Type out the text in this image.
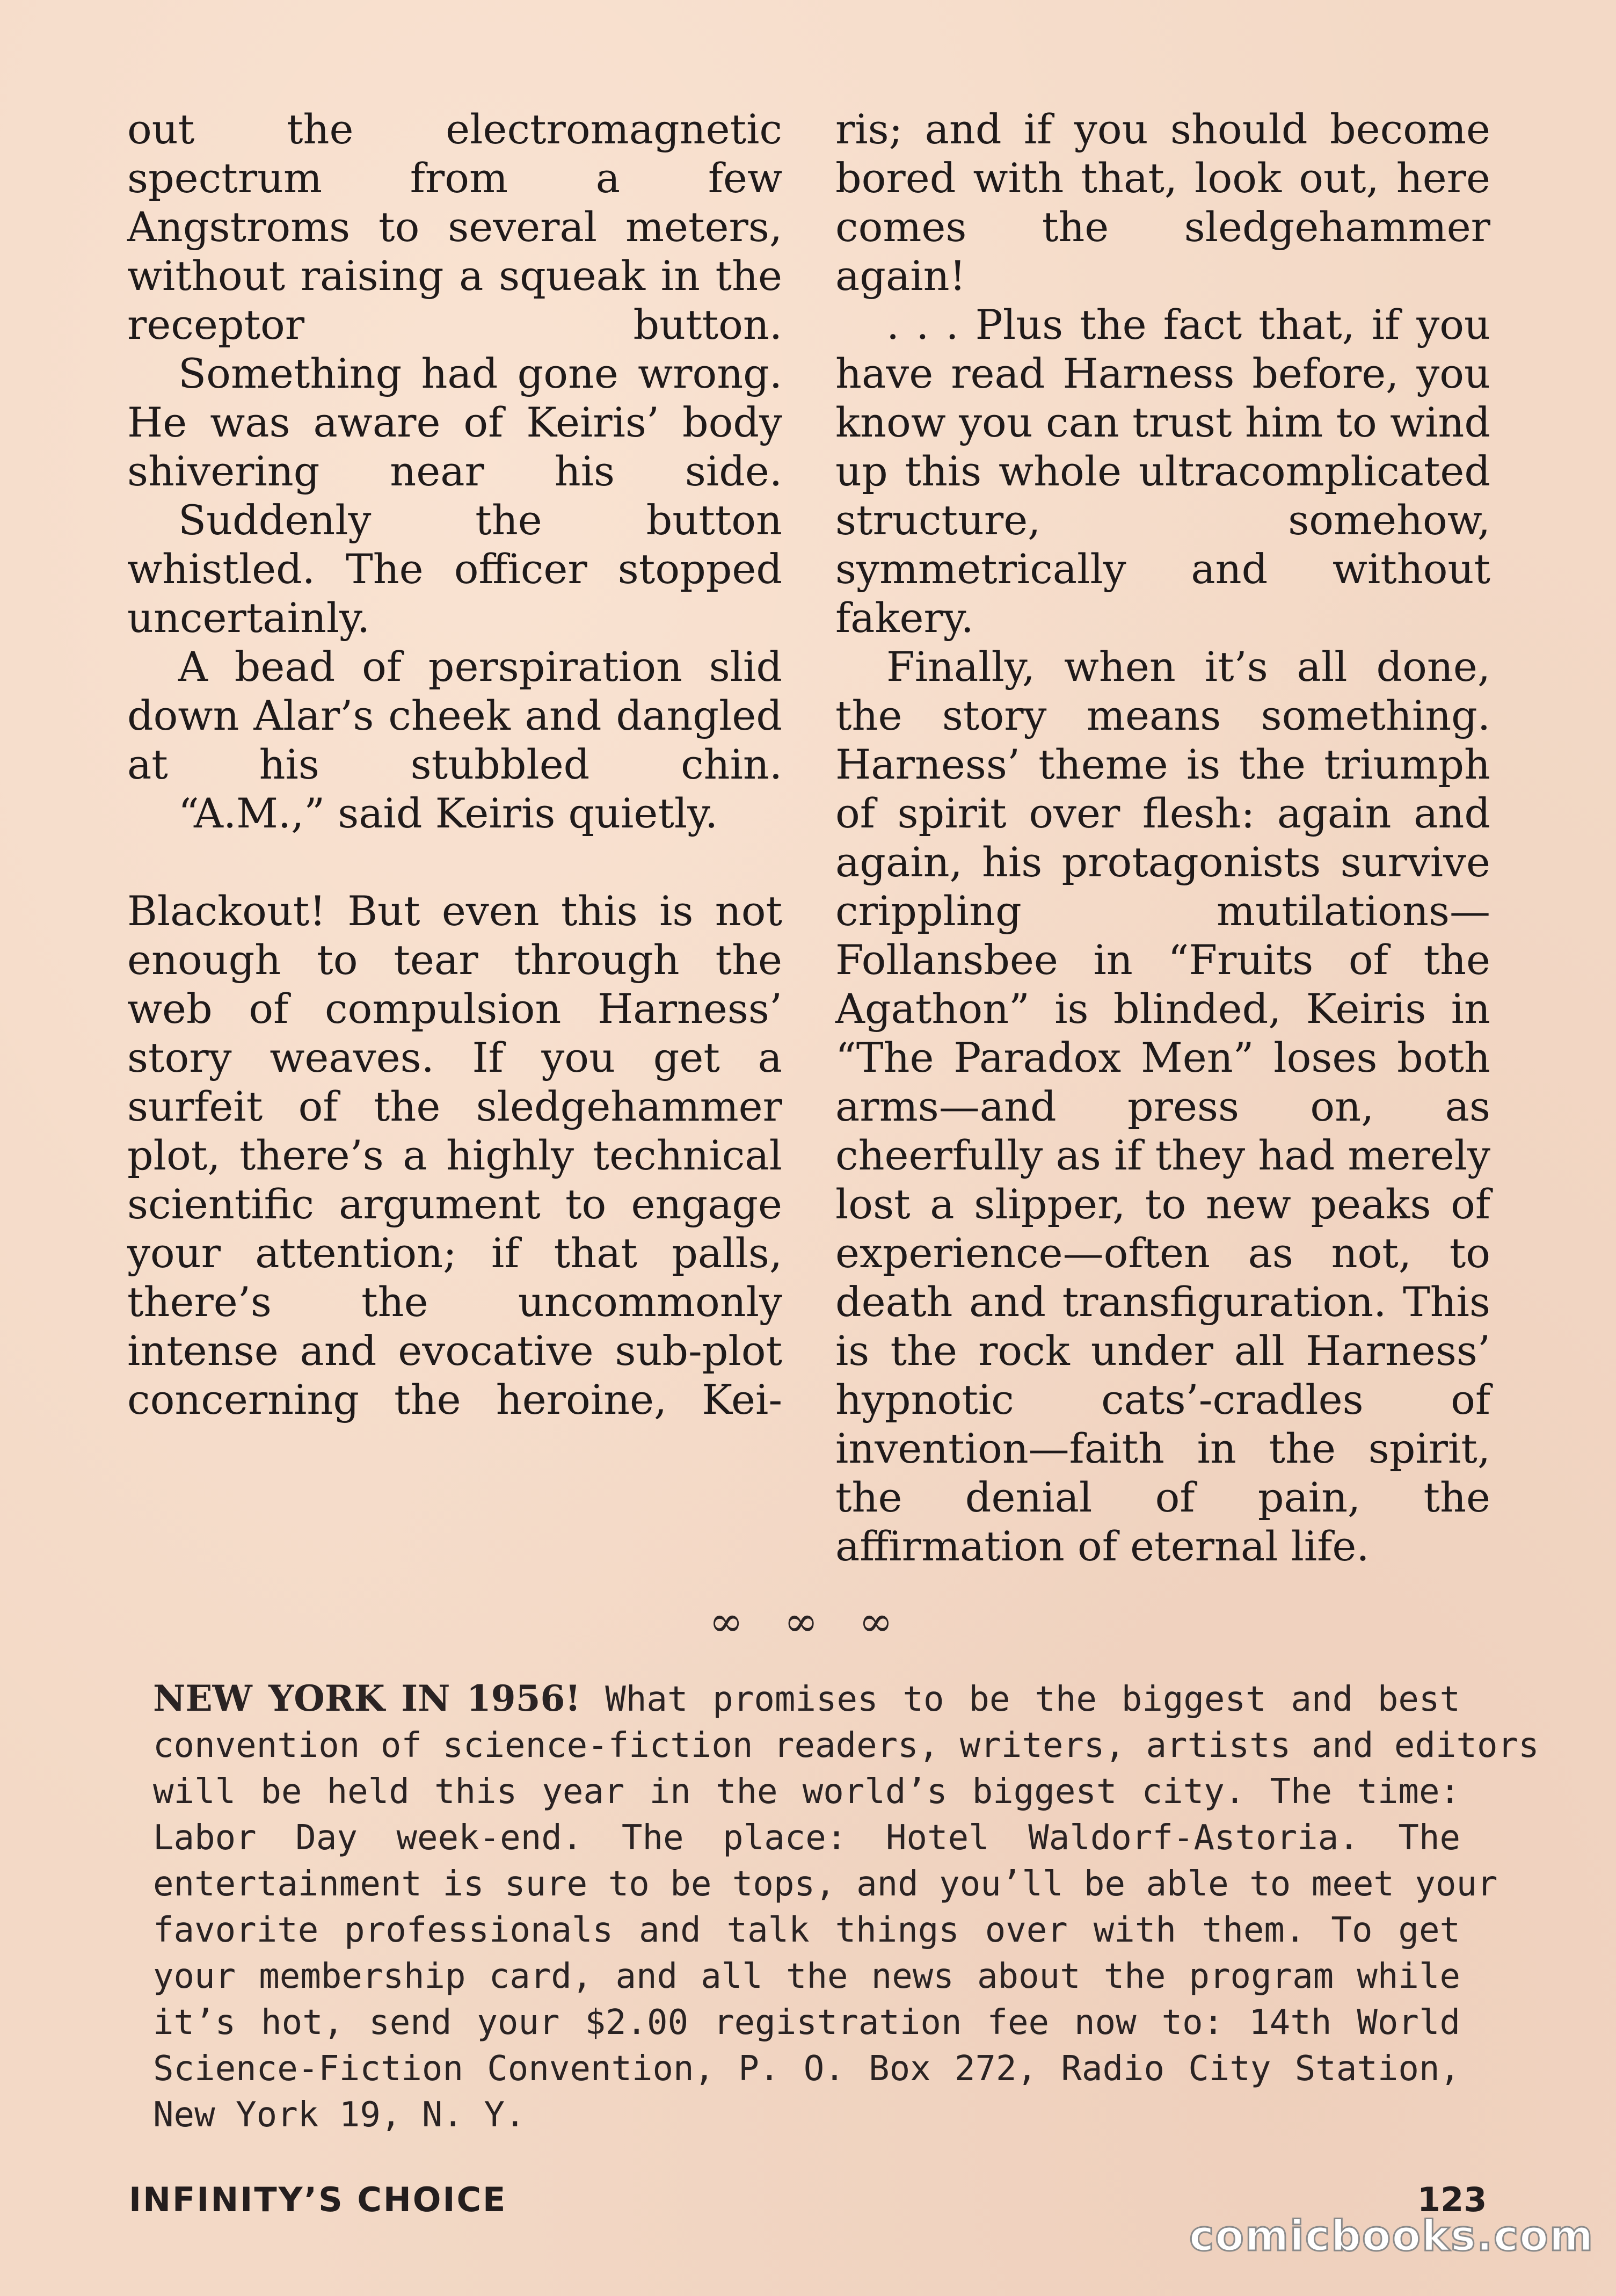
out the electromagnetic spectrum from a few Angstroms to several meters, without raising a squeak in the receptor button.

Something had gone wrong. He was aware of Keiris’ body shivering near his side.

Suddenly the button whistled. The officer stopped uncertainly.

A bead of perspiration slid down Alar’s cheek and dangled at his stubbled chin.

“A.M.,” said Keiris quietly.

Blackout! But even this is not enough to tear through the web of compulsion Harness’ story weaves. If you get a surfeit of the sledgehammer plot, there’s a highly technical scientific argument to engage your attention; if that palls, there’s the uncommonly intense and evocative sub-plot concerning the heroine, Kei-

ris; and if you should become bored with that, look out, here comes the sledgehammer again!

. . . Plus the fact that, if you have read Harness before, you know you can trust him to wind up this whole ultracomplicated structure, somehow, symmetrically and without fakery.

Finally, when it’s all done, the story means something. Harness’ theme is the triumph of spirit over flesh: again and again, his protagonists survive crippling mutilations—Follansbee in “Fruits of the Agathon” is blinded, Keiris in “The Paradox Men” loses both arms—and press on, as cheerfully as if they had merely lost a slipper, to new peaks of experience—often as not, to death and transfiguration. This is the rock under all Harness’ hypnotic cats’-cradles of invention—faith in the spirit, the denial of pain, the affirmation of eternal life.

∞ ∞ ∞
NEW YORK IN 1956! What promises to be the biggest and best
convention of science-fiction readers, writers, artists and editors
will be held this year in the world’s biggest city. The time:
Labor Day week-end. The place: Hotel Waldorf-Astoria. The
entertainment is sure to be tops, and you’ll be able to meet your
favorite professionals and talk things over with them. To get
your membership card, and all the news about the program while
it’s hot, send your $2.00 registration fee now to: 14th World
Science-Fiction Convention, P. O. Box 272, Radio City Station,
New York 19, N. Y.
INFINITY’S CHOICE	123
comicbooks.com
